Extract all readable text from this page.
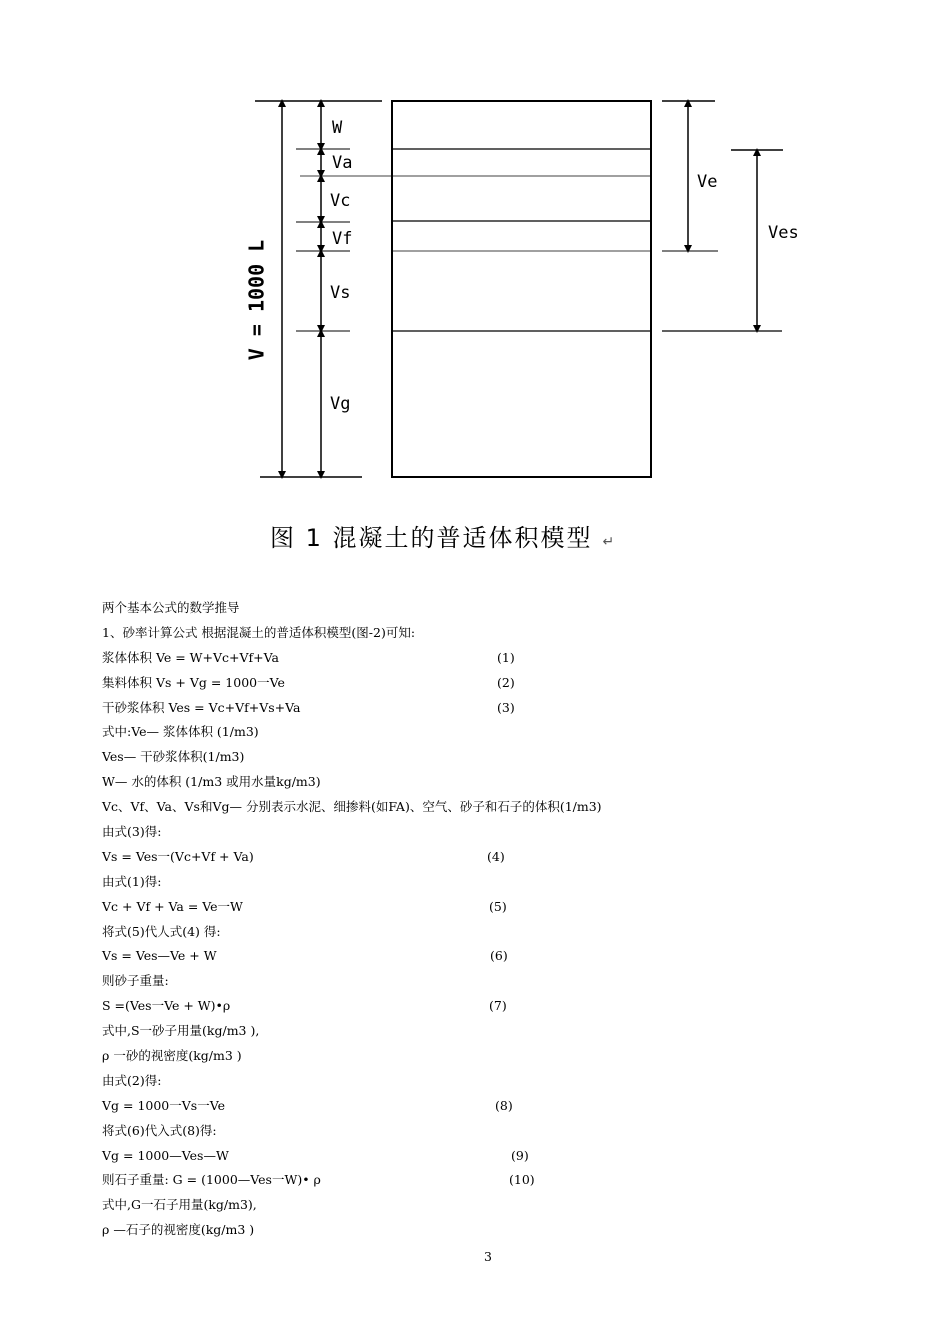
V = 1000 L
W
Va
Vc
Vf
Vs
Vg
Ve
Ves
图 1 混凝土的普适体积模型 ↵
两个基本公式的数学推导
1、砂率计算公式 根据混凝土的普适体积模型(图-2)可知:
浆体体积 Ve = W+Vc+Vf+Va	(1)
集料体积 Vs + Vg = 1000一Ve	(2)
干砂浆体积 Ves = Vc+Vf+Vs+Va	(3)
式中:Ve— 浆体体积 (1/m3)
Ves— 干砂浆体积(1/m3)
W— 水的体积 (1/m3 或用水量kg/m3)
Vc、Vf、Va、Vs和Vg— 分别表示水泥、细掺料(如FA)、空气、砂子和石子的体积(1/m3)
由式(3)得:
Vs = Ves一(Vc+Vf + Va)	(4)
由式(1)得:
Vc + Vf + Va = Ve一W	(5)
将式(5)代人式(4) 得:
Vs = Ves—Ve + W	(6)
则砂子重量:
S =(Ves一Ve + W)•ρ	(7)
式中,S一砂子用量(kg/m3 ),
ρ 一砂的视密度(kg/m3 )
由式(2)得:
Vg = 1000一Vs一Ve	(8)
将式(6)代入式(8)得:
Vg = 1000—Ves—W	(9)
则石子重量: G = (1000—Ves一W)• ρ	(10)
式中,G一石子用量(kg/m3),
ρ —石子的视密度(kg/m3 )
3
